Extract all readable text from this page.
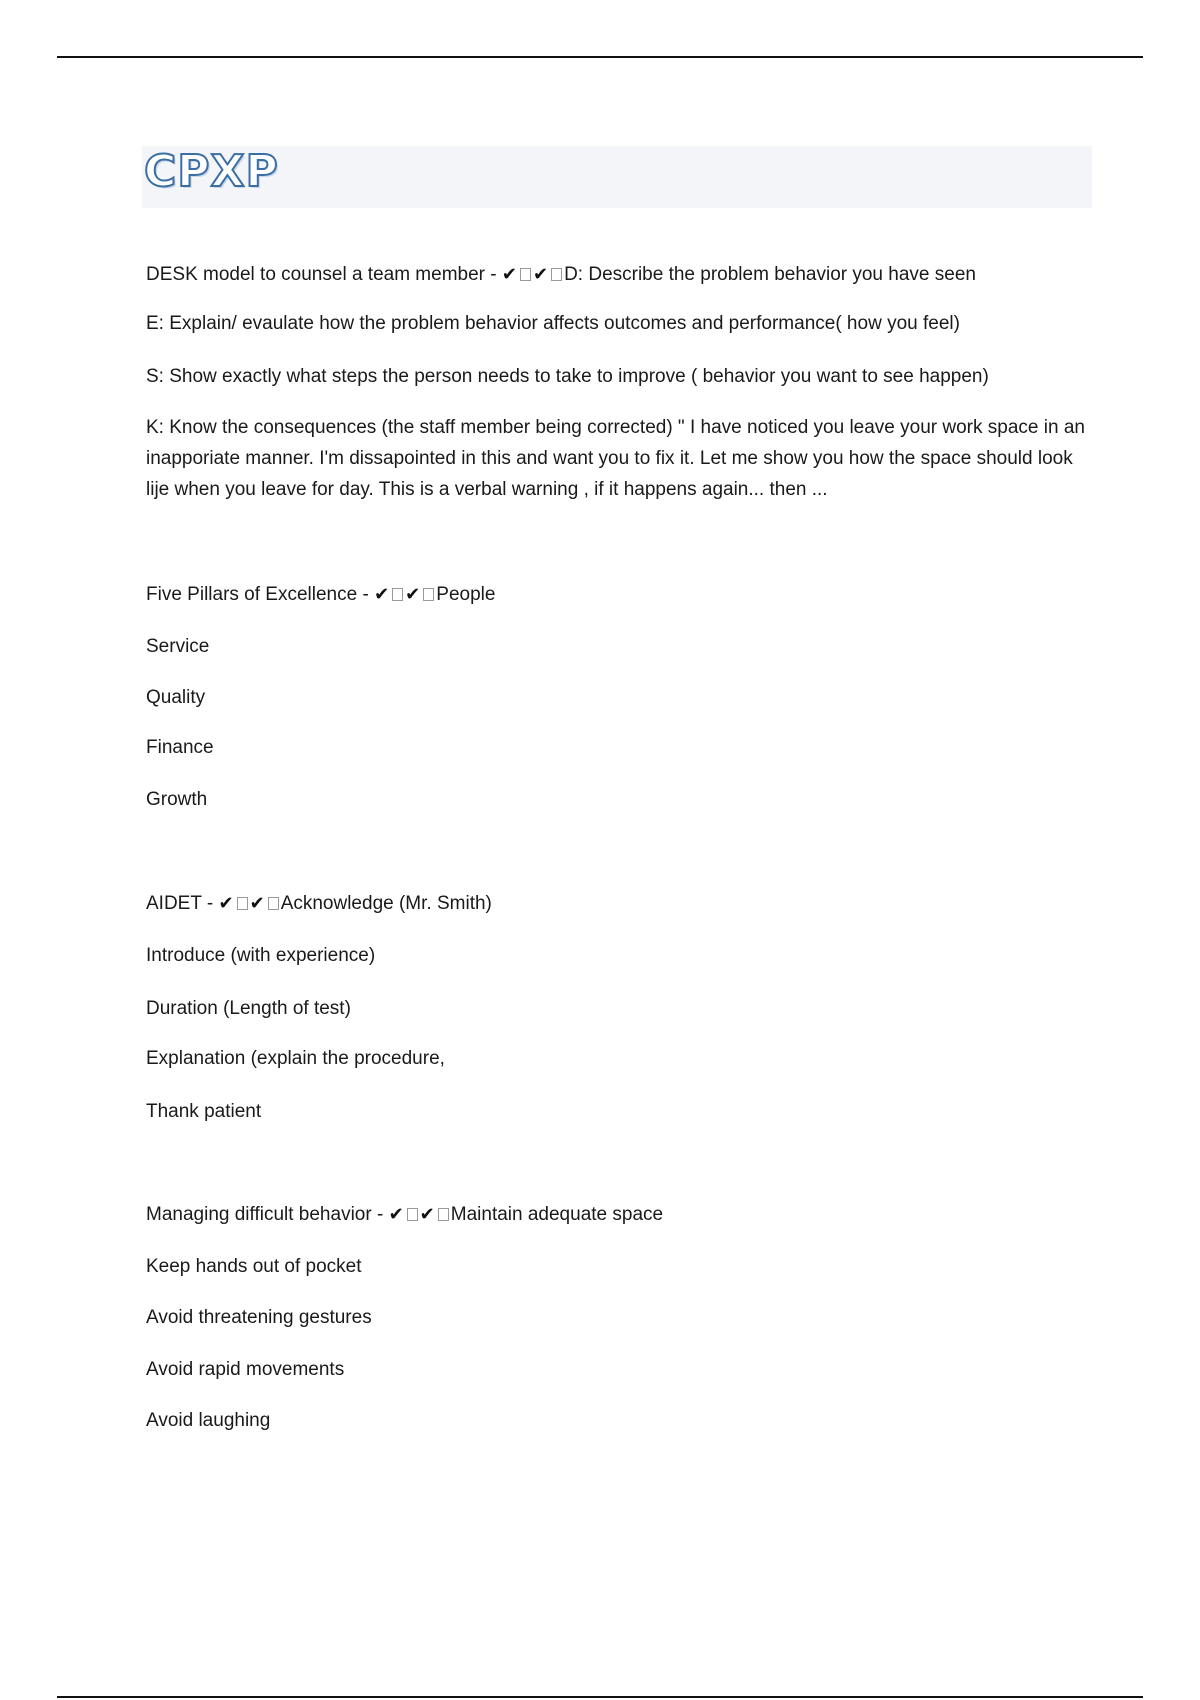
CPXP
DESK model to counsel a team member - ✔ ✔ D: Describe the problem behavior you have seen
E: Explain/ evaulate how the problem behavior affects outcomes and performance( how you feel)
S: Show exactly what steps the person needs to take to improve ( behavior you want to see happen)
K: Know the consequences (the staff member being corrected) " I have noticed you leave your work space in an inapporiate manner. I'm dissapointed in this and want you to fix it. Let me show you how the space should look lije when you leave for day. This is a verbal warning , if it happens again... then ...
Five Pillars of Excellence - ✔ ✔ People
Service
Quality
Finance
Growth
AIDET - ✔ ✔ Acknowledge (Mr. Smith)
Introduce (with experience)
Duration (Length of test)
Explanation (explain the procedure,
Thank patient
Managing difficult behavior - ✔ ✔ Maintain adequate space
Keep hands out of pocket
Avoid threatening gestures
Avoid rapid movements
Avoid laughing
